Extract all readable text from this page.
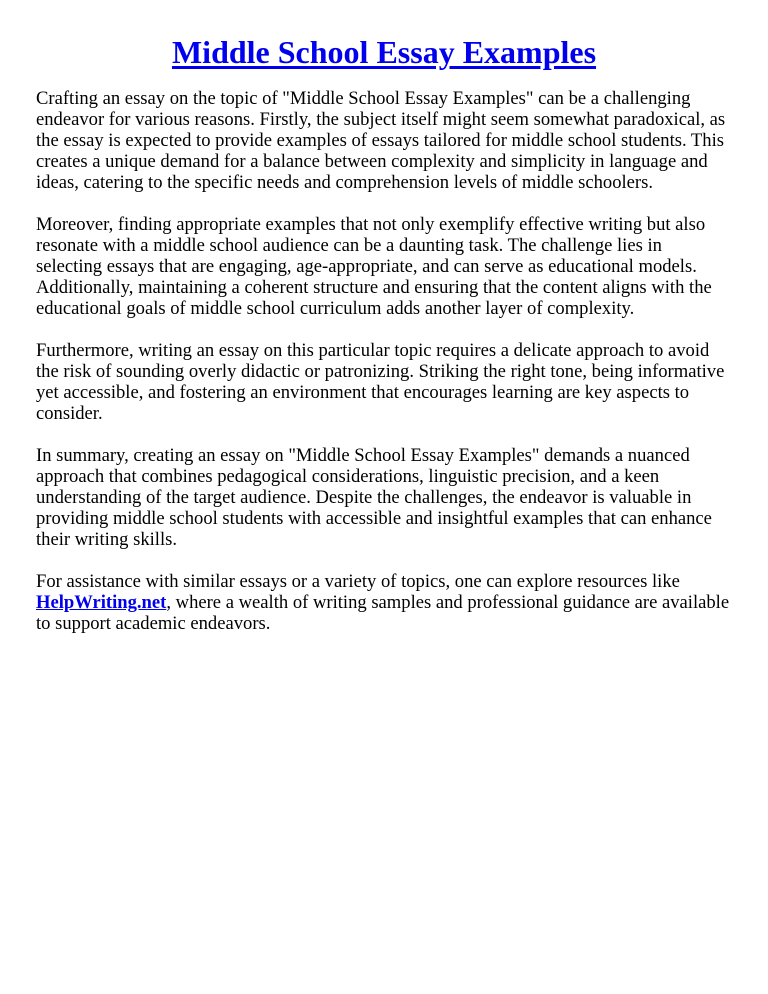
Middle School Essay Examples

Crafting an essay on the topic of "Middle School Essay Examples" can be a challenging endeavor for various reasons. Firstly, the subject itself might seem somewhat paradoxical, as the essay is expected to provide examples of essays tailored for middle school students. This creates a unique demand for a balance between complexity and simplicity in language and ideas, catering to the specific needs and comprehension levels of middle schoolers.

Moreover, finding appropriate examples that not only exemplify effective writing but also resonate with a middle school audience can be a daunting task. The challenge lies in selecting essays that are engaging, age-appropriate, and can serve as educational models. Additionally, maintaining a coherent structure and ensuring that the content aligns with the educational goals of middle school curriculum adds another layer of complexity.

Furthermore, writing an essay on this particular topic requires a delicate approach to avoid the risk of sounding overly didactic or patronizing. Striking the right tone, being informative yet accessible, and fostering an environment that encourages learning are key aspects to consider.

In summary, creating an essay on "Middle School Essay Examples" demands a nuanced approach that combines pedagogical considerations, linguistic precision, and a keen understanding of the target audience. Despite the challenges, the endeavor is valuable in providing middle school students with accessible and insightful examples that can enhance their writing skills.

For assistance with similar essays or a variety of topics, one can explore resources like HelpWriting.net, where a wealth of writing samples and professional guidance are available to support academic endeavors.
